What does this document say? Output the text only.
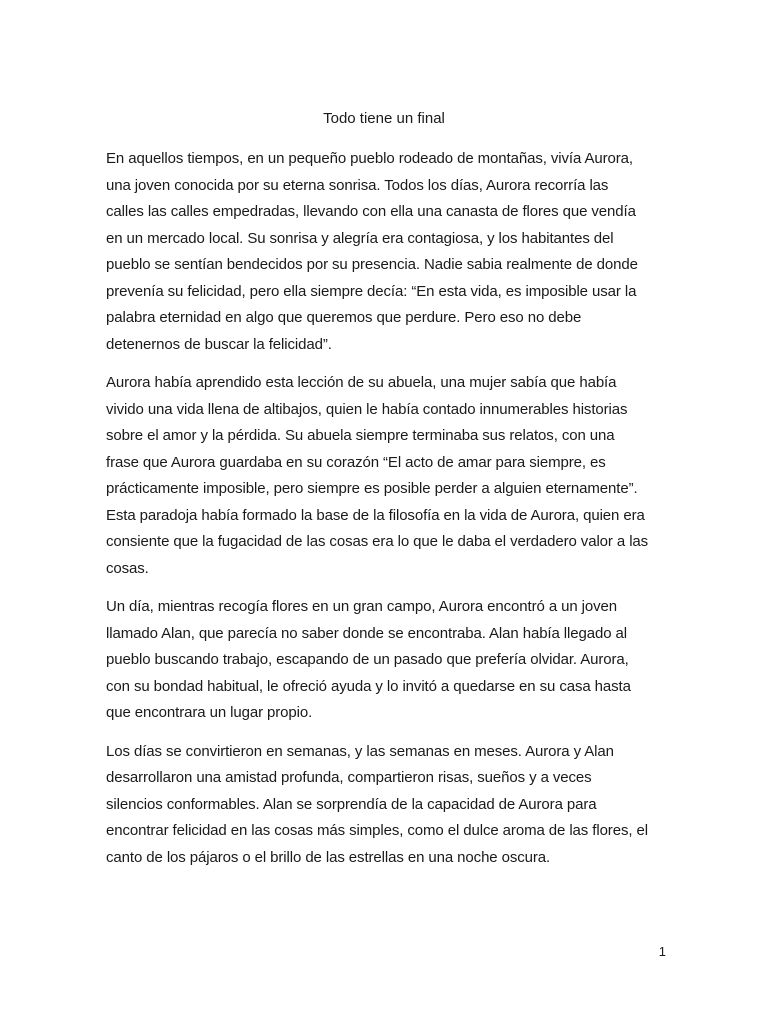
Todo tiene un final

En aquellos tiempos, en un pequeño pueblo rodeado de montañas, vivía Aurora,
una joven conocida por su eterna sonrisa. Todos los días, Aurora recorría las
calles las calles empedradas, llevando con ella una canasta de flores que vendía
en un mercado local. Su sonrisa y alegría era contagiosa, y los habitantes del
pueblo se sentían bendecidos por su presencia. Nadie sabia realmente de donde
prevenía su felicidad, pero ella siempre decía: “En esta vida, es imposible usar la
palabra eternidad en algo que queremos que perdure. Pero eso no debe
detenernos de buscar la felicidad”.

Aurora había aprendido esta lección de su abuela, una mujer sabía que había
vivido una vida llena de altibajos, quien le había contado innumerables historias
sobre el amor y la pérdida. Su abuela siempre terminaba sus relatos, con una
frase que Aurora guardaba en su corazón “El acto de amar para siempre, es
prácticamente imposible, pero siempre es posible perder a alguien eternamente”.
Esta paradoja había formado la base de la filosofía en la vida de Aurora, quien era
consiente que la fugacidad de las cosas era lo que le daba el verdadero valor a las
cosas.

Un día, mientras recogía flores en un gran campo, Aurora encontró a un joven
llamado Alan, que parecía no saber donde se encontraba. Alan había llegado al
pueblo buscando trabajo, escapando de un pasado que prefería olvidar. Aurora,
con su bondad habitual, le ofreció ayuda y lo invitó a quedarse en su casa hasta
que encontrara un lugar propio.

Los días se convirtieron en semanas, y las semanas en meses. Aurora y Alan
desarrollaron una amistad profunda, compartieron risas, sueños y a veces
silencios conformables. Alan se sorprendía de la capacidad de Aurora para
encontrar felicidad en las cosas más simples, como el dulce aroma de las flores, el
canto de los pájaros o el brillo de las estrellas en una noche oscura.

1
